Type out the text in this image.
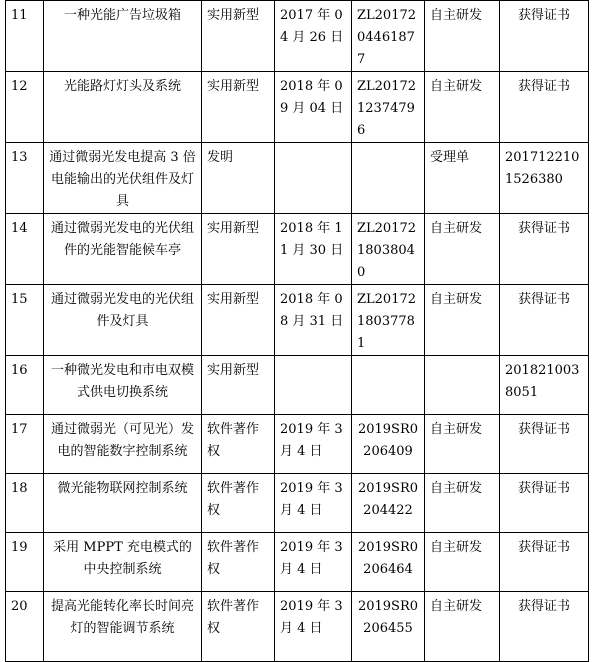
11	一种光能广告垃圾箱	实用新型	2017 年 04 月 26 日	ZL2017204461877	自主研发	获得证书
12	光能路灯灯头及系统	实用新型	2018 年 09 月 04 日	ZL2017212374796	自主研发	获得证书
13	通过微弱光发电提高 3 倍电能输出的光伏组件及灯具	发明			受理单	2017122101526380
14	通过微弱光发电的光伏组件的光能智能候车亭	实用新型	2018 年 11 月 30 日	ZL2017218038040	自主研发	获得证书
15	通过微弱光发电的光伏组件及灯具	实用新型	2018 年 08 月 31 日	ZL2017218037781	自主研发	获得证书
16	一种微光发电和市电双模式供电切换系统	实用新型				2018210038051
17	通过微弱光（可见光）发电的智能数字控制系统	软件著作权	2019 年 3 月 4 日	2019SR0206409	自主研发	获得证书
18	微光能物联网控制系统	软件著作权	2019 年 3 月 4 日	2019SR0204422	自主研发	获得证书
19	采用 MPPT 充电模式的中央控制系统	软件著作权	2019 年 3 月 4 日	2019SR0206464	自主研发	获得证书
20	提高光能转化率长时间亮灯的智能调节系统	软件著作权	2019 年 3 月 4 日	2019SR0206455	自主研发	获得证书
